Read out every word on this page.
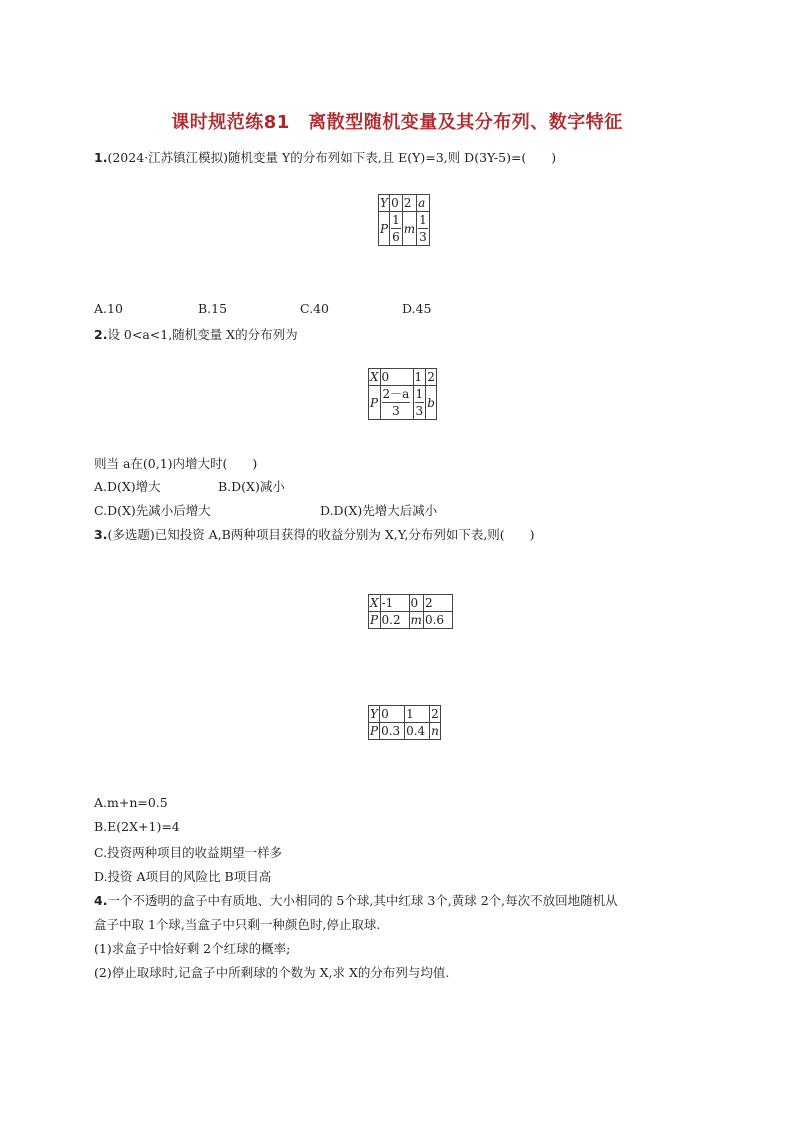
课时规范练81　离散型随机变量及其分布列、数字特征
1.(2024·江苏镇江模拟)随机变量 Y的分布列如下表,且 E(Y)=3,则 D(3Y-5)=(　　)
Y	0	2	a
P	$\frac{1}{6}$	m	$\frac{1}{3}$
A.10	B.15	C.40	D.45
2.设 0<a<1,随机变量 X的分布列为
X	0	1	2
P	$\frac{2-a}{3}$	$\frac{1}{3}$	b
则当 a在(0,1)内增大时(　　)
A.D(X)增大	B.D(X)减小
C.D(X)先减小后增大	D.D(X)先增大后减小
3.(多选题)已知投资 A,B两种项目获得的收益分别为 X,Y,分布列如下表,则(　　)
X	-1	0	2
P	0.2	m	0.6
Y	0	1	2
P	0.3	0.4	n
A.m+n=0.5
B.E(2X+1)=4
C.投资两种项目的收益期望一样多
D.投资 A项目的风险比 B项目高
4.一个不透明的盒子中有质地、大小相同的 5个球,其中红球 3个,黄球 2个,每次不放回地随机从
盒子中取 1个球,当盒子中只剩一种颜色时,停止取球.
(1)求盒子中恰好剩 2个红球的概率;
(2)停止取球时,记盒子中所剩球的个数为 X,求 X的分布列与均值.
